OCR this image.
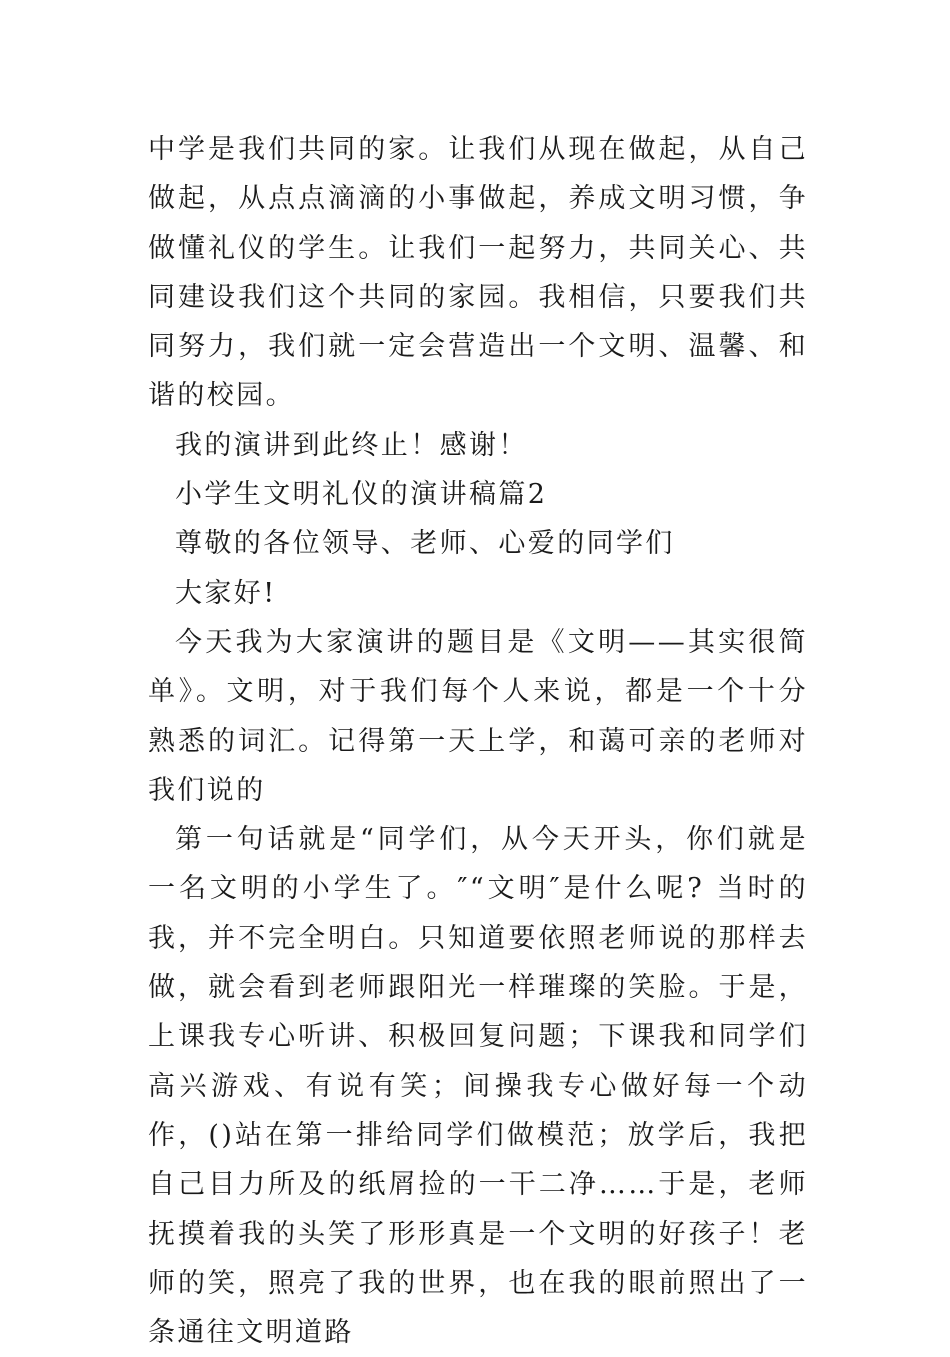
中学是我们共同的家。让我们从现在做起，从自己做起，从点点滴滴的小事做起，养成文明习惯，争做懂礼仪的学生。让我们一起努力，共同关心、共同建设我们这个共同的家园。我相信，只要我们共同努力，我们就一定会营造出一个文明、温馨、和谐的校园。

我的演讲到此终止！感谢！

小学生文明礼仪的演讲稿篇2

尊敬的各位领导、老师、心爱的同学们

大家好!

今天我为大家演讲的题目是《文明——其实很简单》。文明，对于我们每个人来说，都是一个十分熟悉的词汇。记得第一天上学，和蔼可亲的老师对我们说的

第一句话就是“同学们，从今天开头，你们就是一名文明的小学生了。″“文明″是什么呢? 当时的我，并不完全明白。只知道要依照老师说的那样去做，就会看到老师跟阳光一样璀璨的笑脸。于是，上课我专心听讲、积极回复问题；下课我和同学们高兴游戏、有说有笑；间操我专心做好每一个动作，()站在第一排给同学们做模范；放学后，我把自己目力所及的纸屑捡的一干二净……于是，老师抚摸着我的头笑了形形真是一个文明的好孩子！老师的笑，照亮了我的世界，也在我的眼前照出了一条通往文明道路
